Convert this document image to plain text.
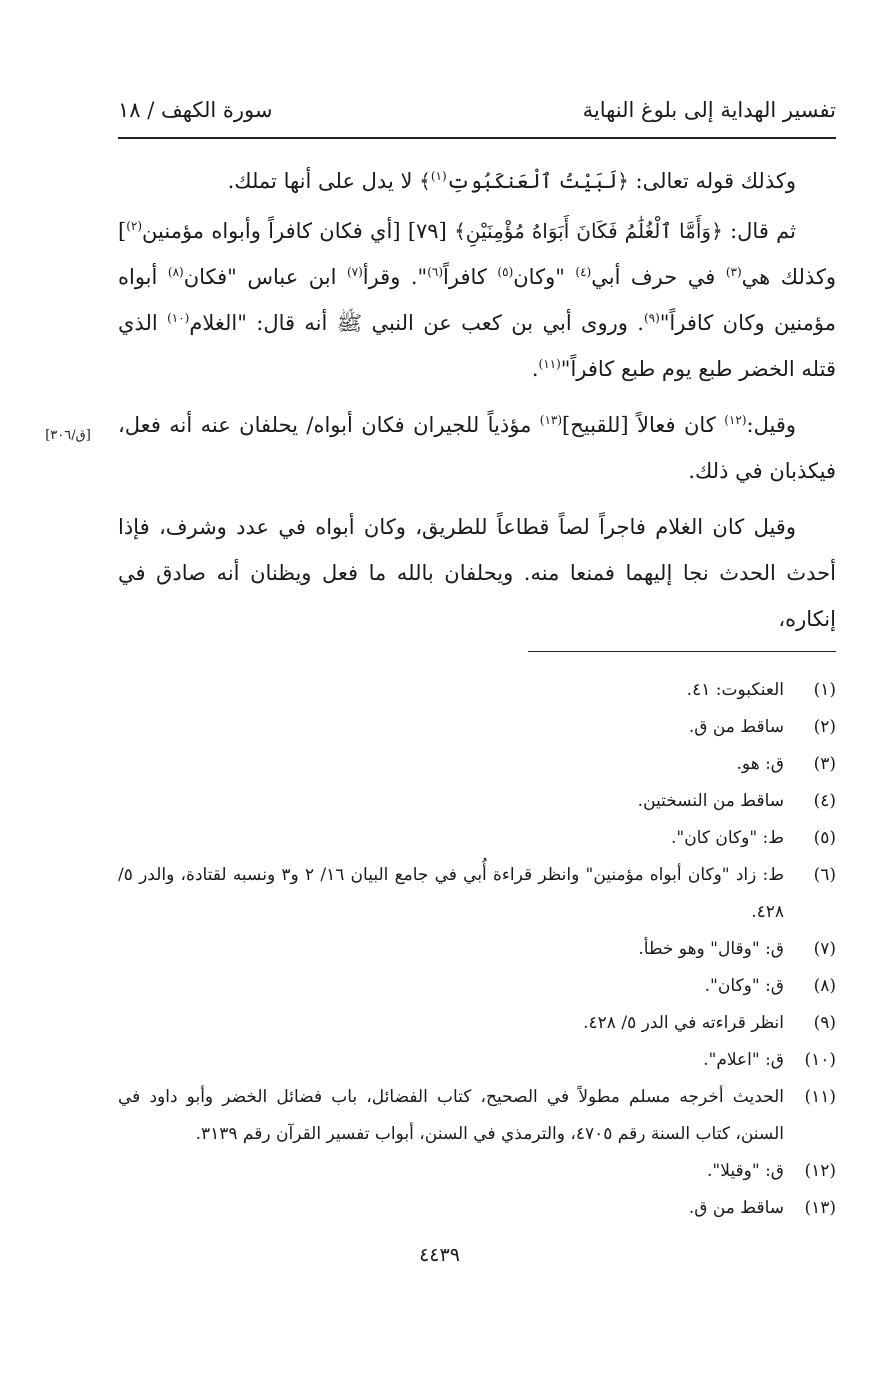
تفسير الهداية إلى بلوغ النهاية
سورة الكهف / ١٨

وكذلك قوله تعالى: ﴿لَبَيْتُ ٱلْعَنكَبُوتِ$^{(١)}$﴾ لا يدل على أنها تملك.

ثم قال: ﴿وَأَمَّا ٱلْغُلَٰمُ فَكَانَ أَبَوَاهُ مُؤْمِنَيْنِ﴾ [٧٩] [أي فكان كافراً وأبواه مؤمنين$^{(٢)}$] وكذلك هي$^{(٣)}$ في حرف أبي$^{(٤)}$ "وكان$^{(٥)}$ كافراً$^{(٦)}$". وقرأ$^{(٧)}$ ابن عباس "فكان$^{(٨)}$ أبواه مؤمنين وكان كافراً"$^{(٩)}$. وروى أبي بن كعب عن النبي ﷺ أنه قال: "الغلام$^{(١٠)}$ الذي قتله الخضر طبع يوم طبع كافراً"$^{(١١)}$.

وقيل:$^{(١٢)}$ كان فعالاً [للقبيح]$^{(١٣)}$ مؤذياً للجيران فكان أبواه/ يحلفان عنه أنه فعل، فيكذبان في ذلك.

وقيل كان الغلام فاجراً لصاً قطاعاً للطريق، وكان أبواه في عدد وشرف، فإذا أحدث الحدث نجا إليهما فمنعا منه. ويحلفان بالله ما فعل ويظنان أنه صادق في إنكاره،

[ق/٣٠٦]
(١)
العنكبوت: ٤١.
(٢)
ساقط من ق.
(٣)
ق: هو.
(٤)
ساقط من النسختين.
(٥)
ط: "وكان كان".
(٦)
ط: زاد "وكان أبواه مؤمنين" وانظر قراءة أُبي في جامع البيان ١٦/ ٢ و٣ ونسبه لقتادة، والدر ٥/ ٤٢٨.
(٧)
ق: "وقال" وهو خطأ.
(٨)
ق: "وكان".
(٩)
انظر قراءته في الدر ٥/ ٤٢٨.
(١٠)
ق: "اعلام".
(١١)
الحديث أخرجه مسلم مطولاً في الصحيح، كتاب الفضائل، باب فضائل الخضر وأبو داود في السنن، كتاب السنة رقم ٤٧٠٥، والترمذي في السنن، أبواب تفسير القرآن رقم ٣١٣٩.
(١٢)
ق: "وقيلا".
(١٣)
ساقط من ق.
٤٤٣٩
